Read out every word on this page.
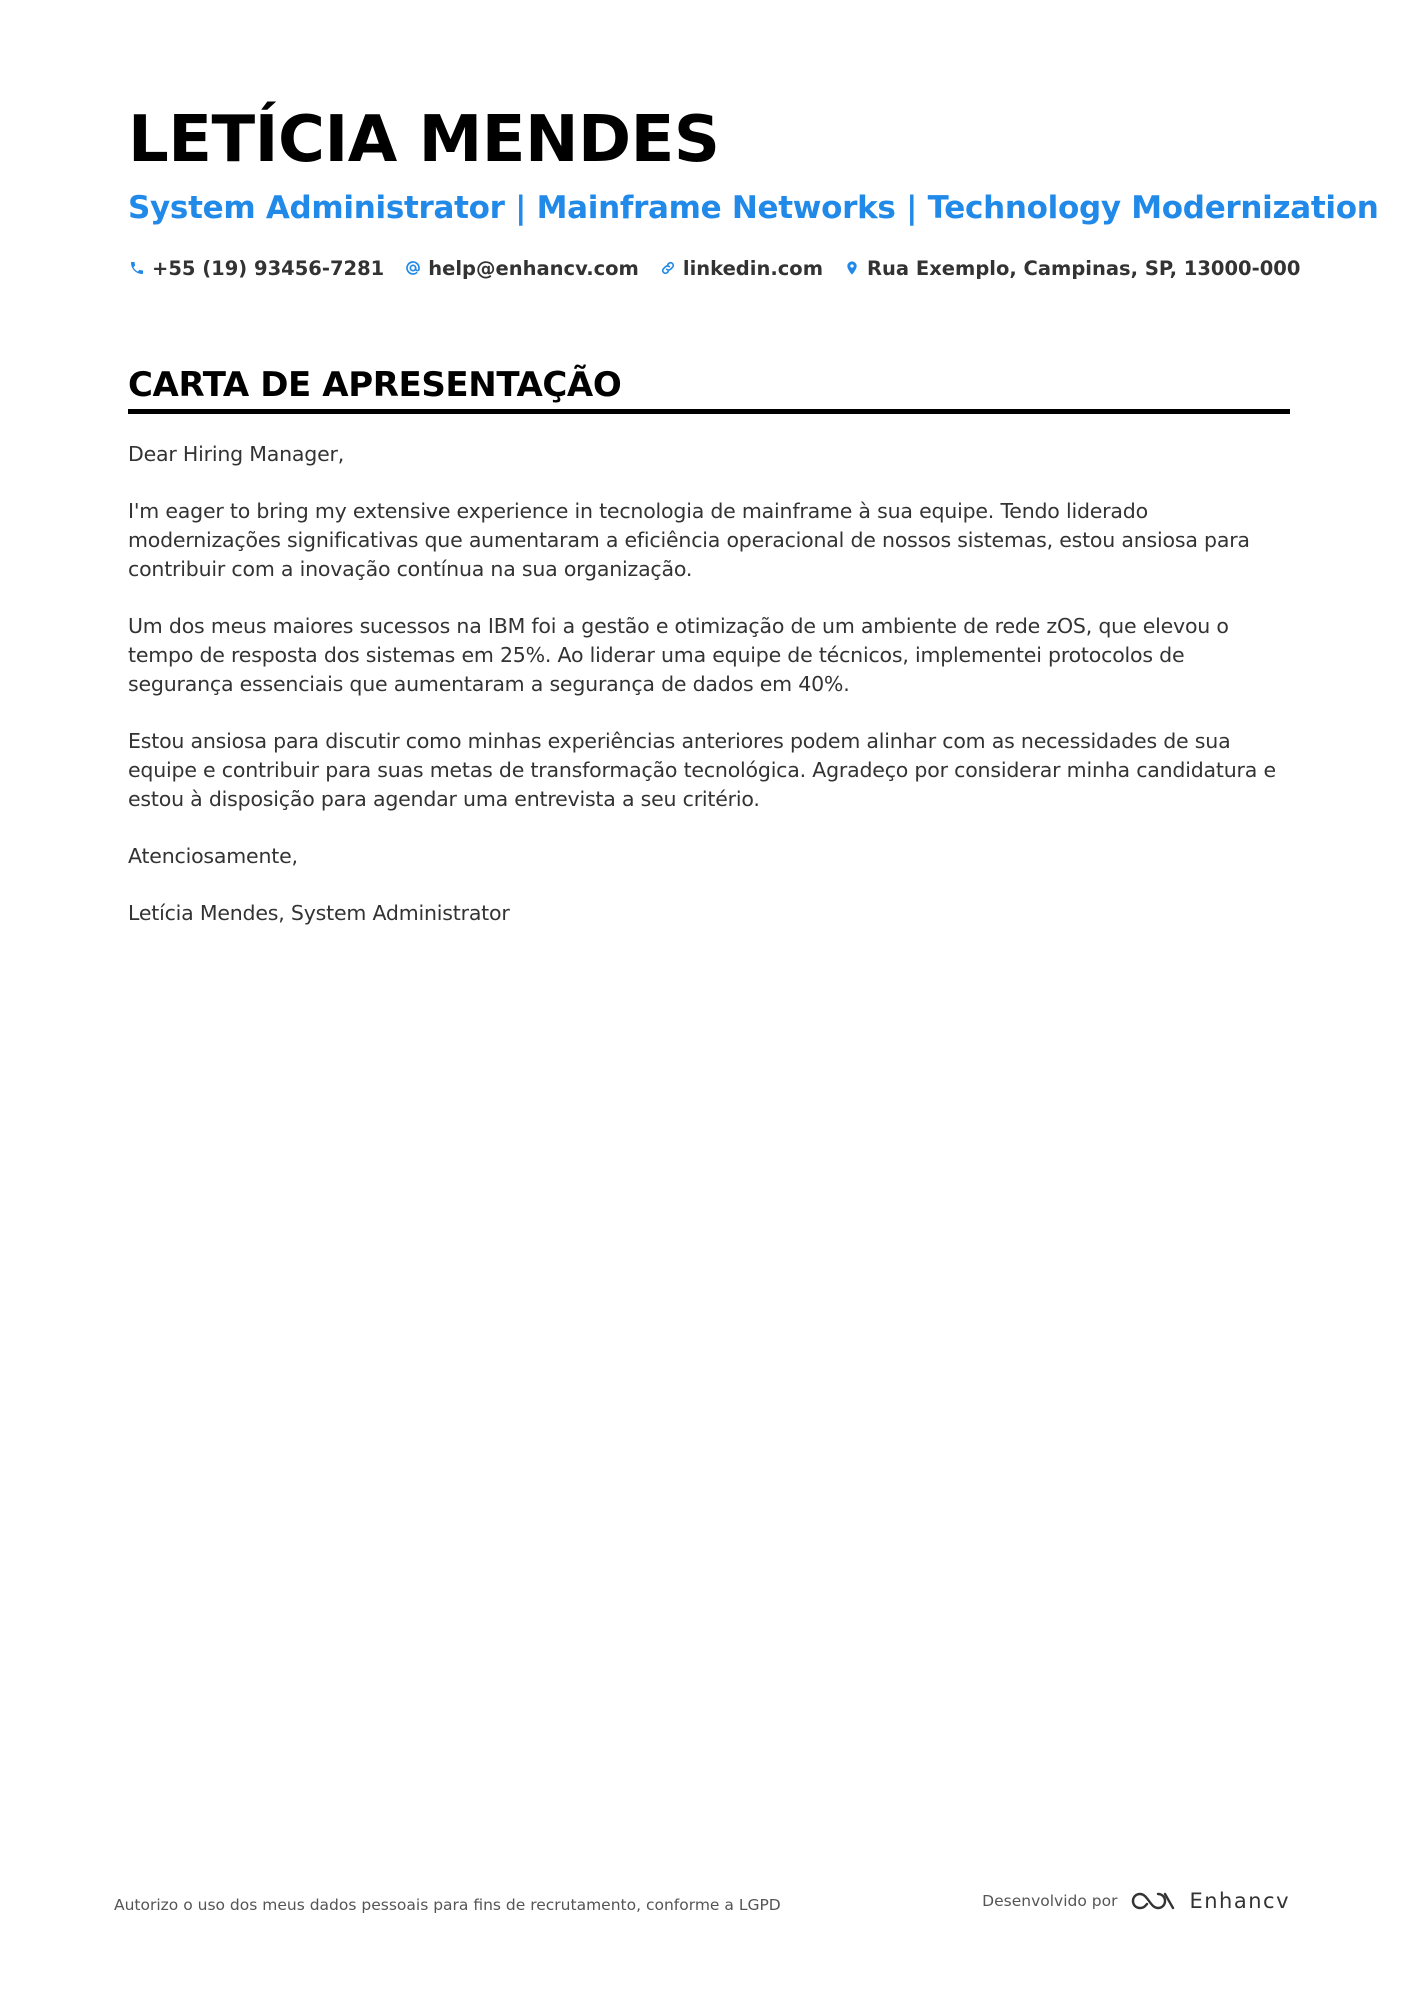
LETÍCIA MENDES
System Administrator | Mainframe Networks | Technology Modernization
+55 (19) 93456-7281 help@enhancv.com linkedin.com Rua Exemplo, Campinas, SP, 13000-000
CARTA DE APRESENTAÇÃO

Dear Hiring Manager,

I'm eager to bring my extensive experience in tecnologia de mainframe à sua equipe. Tendo liderado modernizações significativas que aumentaram a eficiência operacional de nossos sistemas, estou ansiosa para contribuir com a inovação contínua na sua organização.

Um dos meus maiores sucessos na IBM foi a gestão e otimização de um ambiente de rede zOS, que elevou o tempo de resposta dos sistemas em 25%. Ao liderar uma equipe de técnicos, implementei protocolos de segurança essenciais que aumentaram a segurança de dados em 40%.

Estou ansiosa para discutir como minhas experiências anteriores podem alinhar com as necessidades de sua equipe e contribuir para suas metas de transformação tecnológica. Agradeço por considerar minha candidatura e estou à disposição para agendar uma entrevista a seu critério.

Atenciosamente,

Letícia Mendes, System Administrator

Autorizo o uso dos meus dados pessoais para fins de recrutamento, conforme a LGPD	Desenvolvido por	Enhancv
